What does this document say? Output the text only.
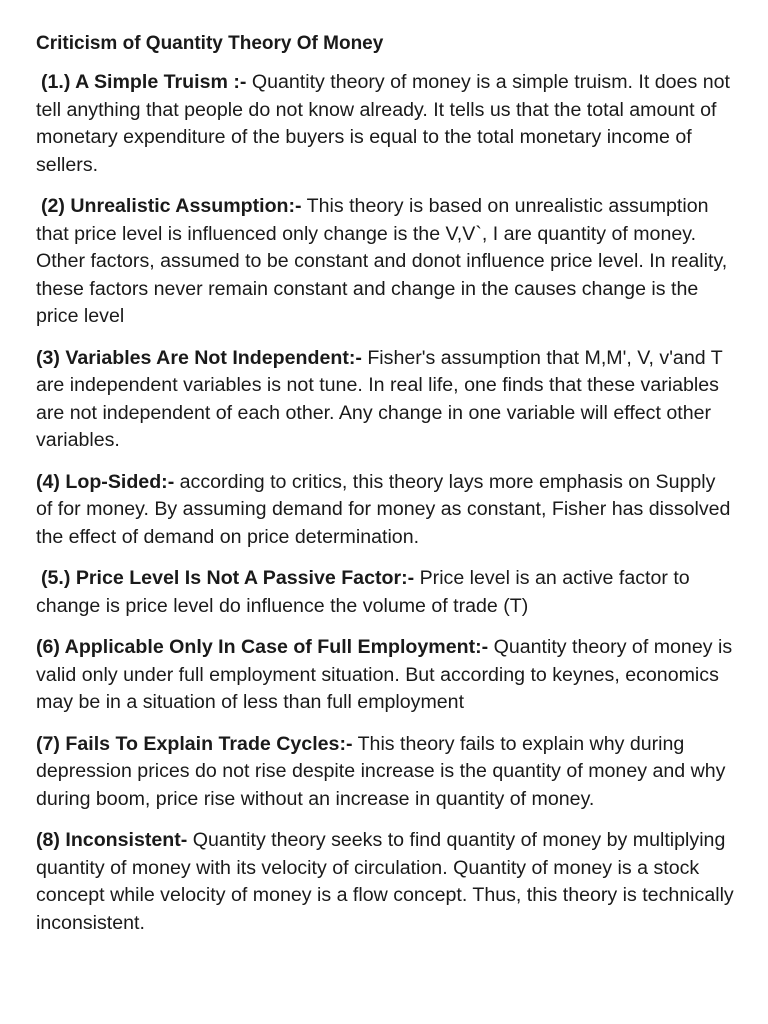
Criticism of Quantity Theory Of Money

(1.) A Simple Truism :- Quantity theory of money is a simple truism. It does not tell anything that people do not know already. It tells us that the total amount of monetary expenditure of the buyers is equal to the total monetary income of sellers.

(2) Unrealistic Assumption:- This theory is based on unrealistic assumption that price level is influenced only change is the V,V`, I are quantity of money. Other factors, assumed to be constant and donot influence price level. In reality, these factors never remain constant and change in the causes change is the price level

(3) Variables Are Not Independent:- Fisher's assumption that M,M', V, v'and T are independent variables is not tune. In real life, one finds that these variables are not independent of each other. Any change in one variable will effect other variables.

(4) Lop-Sided:- according to critics, this theory lays more emphasis on Supply of for money. By assuming demand for money as constant, Fisher has dissolved the effect of demand on price determination.

(5.) Price Level Is Not A Passive Factor:- Price level is an active factor to change is price level do influence the volume of trade (T)

(6) Applicable Only In Case of Full Employment:- Quantity theory of money is valid only under full employment situation. But according to keynes, economics may be in a situation of less than full employment

(7) Fails To Explain Trade Cycles:- This theory fails to explain why during depression prices do not rise despite increase is the quantity of money and why during boom, price rise without an increase in quantity of money.

(8) Inconsistent- Quantity theory seeks to find quantity of money by multiplying quantity of money with its velocity of circulation. Quantity of money is a stock concept while velocity of money is a flow concept. Thus, this theory is technically inconsistent.
